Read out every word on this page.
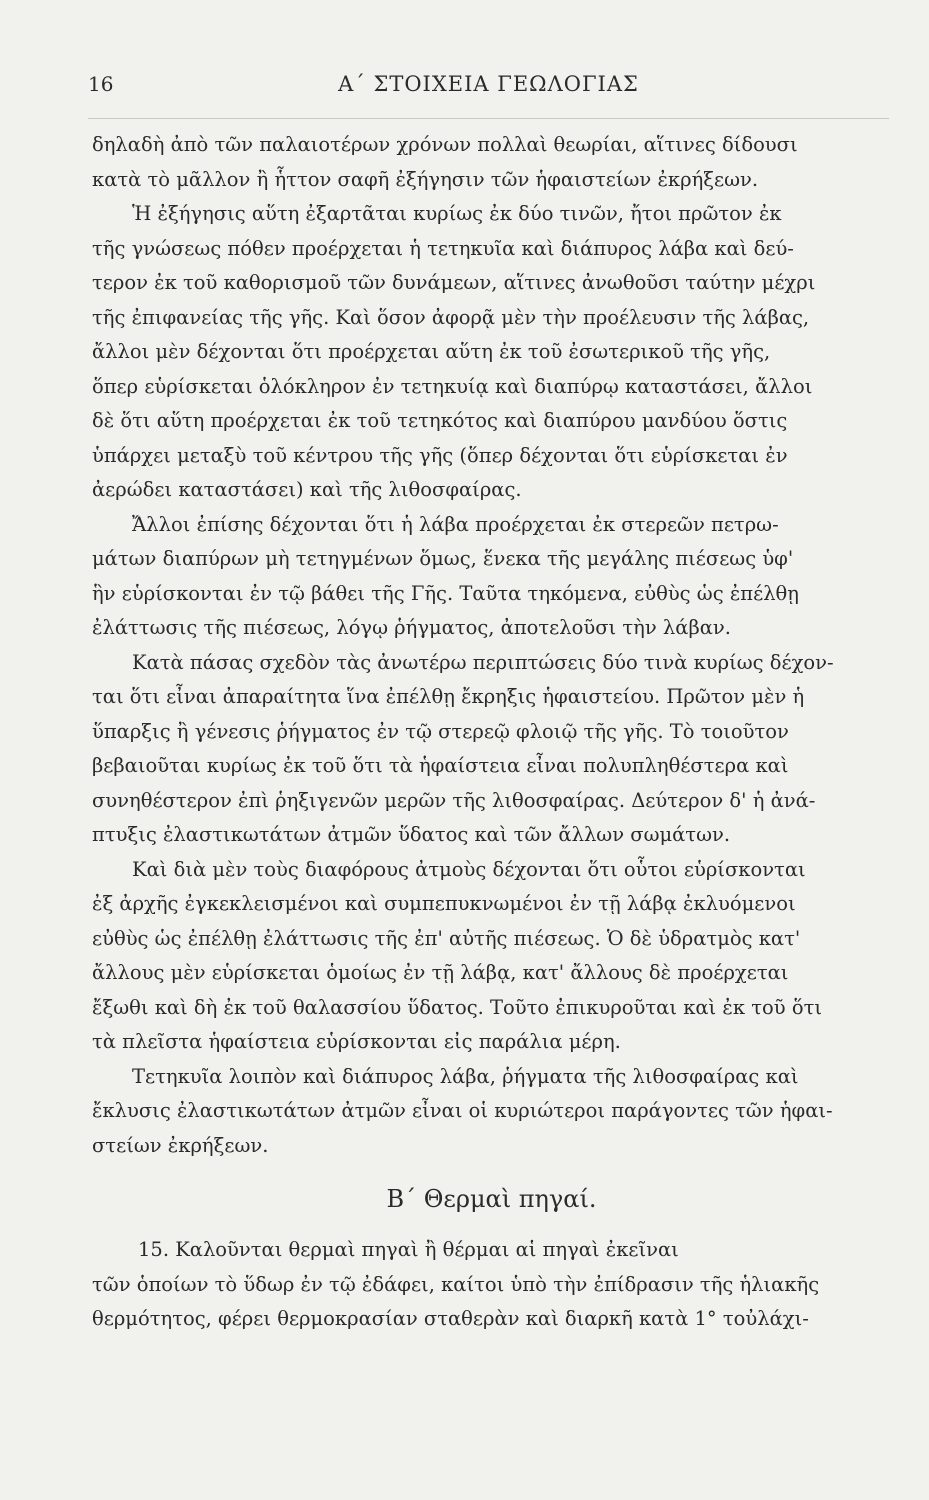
16	Α΄ ΣΤΟΙΧΕΙΑ ΓΕΩΛΟΓΙΑΣ
δηλαδὴ ἀπὸ τῶν παλαιοτέρων χρόνων πολλαὶ θεωρίαι, αἵτινες δίδουσι
κατὰ τὸ μᾶλλον ἢ ἧττον σαφῆ ἐξήγησιν τῶν ἡφαιστείων ἐκρήξεων.
Ἡ ἐξήγησις αὕτη ἐξαρτᾶται κυρίως ἐκ δύο τινῶν, ἤτοι πρῶτον ἐκ
τῆς γνώσεως πόθεν προέρχεται ἡ τετηκυῖα καὶ διάπυρος λάβα καὶ δεύ-
τερον ἐκ τοῦ καθορισμοῦ τῶν δυνάμεων, αἵτινες ἀνωθοῦσι ταύτην μέχρι
τῆς ἐπιφανείας τῆς γῆς. Καὶ ὅσον ἀφορᾷ μὲν τὴν προέλευσιν τῆς λάβας,
ἄλλοι μὲν δέχονται ὅτι προέρχεται αὕτη ἐκ τοῦ ἐσωτερικοῦ τῆς γῆς,
ὅπερ εὑρίσκεται ὁλόκληρον ἐν τετηκυίᾳ καὶ διαπύρῳ καταστάσει, ἄλλοι
δὲ ὅτι αὕτη προέρχεται ἐκ τοῦ τετηκότος καὶ διαπύρου μανδύου ὅστις
ὑπάρχει μεταξὺ τοῦ κέντρου τῆς γῆς (ὅπερ δέχονται ὅτι εὑρίσκεται ἐν
ἀερώδει καταστάσει) καὶ τῆς λιθοσφαίρας.
Ἄλλοι ἐπίσης δέχονται ὅτι ἡ λάβα προέρχεται ἐκ στερεῶν πετρω-
μάτων διαπύρων μὴ τετηγμένων ὅμως, ἕνεκα τῆς μεγάλης πιέσεως ὑφ'
ἣν εὑρίσκονται ἐν τῷ βάθει τῆς Γῆς. Ταῦτα τηκόμενα, εὐθὺς ὡς ἐπέλθῃ
ἐλάττωσις τῆς πιέσεως, λόγῳ ῥήγματος, ἀποτελοῦσι τὴν λάβαν.
Κατὰ πάσας σχεδὸν τὰς ἀνωτέρω περιπτώσεις δύο τινὰ κυρίως δέχον-
ται ὅτι εἶναι ἀπαραίτητα ἵνα ἐπέλθῃ ἔκρηξις ἡφαιστείου. Πρῶτον μὲν ἡ
ὕπαρξις ἢ γένεσις ῥήγματος ἐν τῷ στερεῷ φλοιῷ τῆς γῆς. Τὸ τοιοῦτον
βεβαιοῦται κυρίως ἐκ τοῦ ὅτι τὰ ἡφαίστεια εἶναι πολυπληθέστερα καὶ
συνηθέστερον ἐπὶ ῥηξιγενῶν μερῶν τῆς λιθοσφαίρας. Δεύτερον δ' ἡ ἀνά-
πτυξις ἐλαστικωτάτων ἀτμῶν ὕδατος καὶ τῶν ἄλλων σωμάτων.
Καὶ διὰ μὲν τοὺς διαφόρους ἀτμοὺς δέχονται ὅτι οὗτοι εὑρίσκονται
ἐξ ἀρχῆς ἐγκεκλεισμένοι καὶ συμπεπυκνωμένοι ἐν τῇ λάβᾳ ἐκλυόμενοι
εὐθὺς ὡς ἐπέλθῃ ἐλάττωσις τῆς ἐπ' αὐτῆς πιέσεως. Ὁ δὲ ὑδρατμὸς κατ'
ἄλλους μὲν εὑρίσκεται ὁμοίως ἐν τῇ λάβᾳ, κατ' ἄλλους δὲ προέρχεται
ἔξωθι καὶ δὴ ἐκ τοῦ θαλασσίου ὕδατος. Τοῦτο ἐπικυροῦται καὶ ἐκ τοῦ ὅτι
τὰ πλεῖστα ἡφαίστεια εὑρίσκονται εἰς παράλια μέρη.
Τετηκυῖα λοιπὸν καὶ διάπυρος λάβα, ῥήγματα τῆς λιθοσφαίρας καὶ
ἔκλυσις ἐλαστικωτάτων ἀτμῶν εἶναι οἱ κυριώτεροι παράγοντες τῶν ἡφαι-
στείων ἐκρήξεων.
Β΄ Θερμαὶ πηγαί.
15. Καλοῦνται θερμαὶ πηγαὶ ἢ θέρμαι αἱ πηγαὶ ἐκεῖναι
τῶν ὁποίων τὸ ὕδωρ ἐν τῷ ἐδάφει, καίτοι ὑπὸ τὴν ἐπίδρασιν τῆς ἡλιακῆς
θερμότητος, φέρει θερμοκρασίαν σταθερὰν καὶ διαρκῆ κατὰ 1° τοὐλάχι-
